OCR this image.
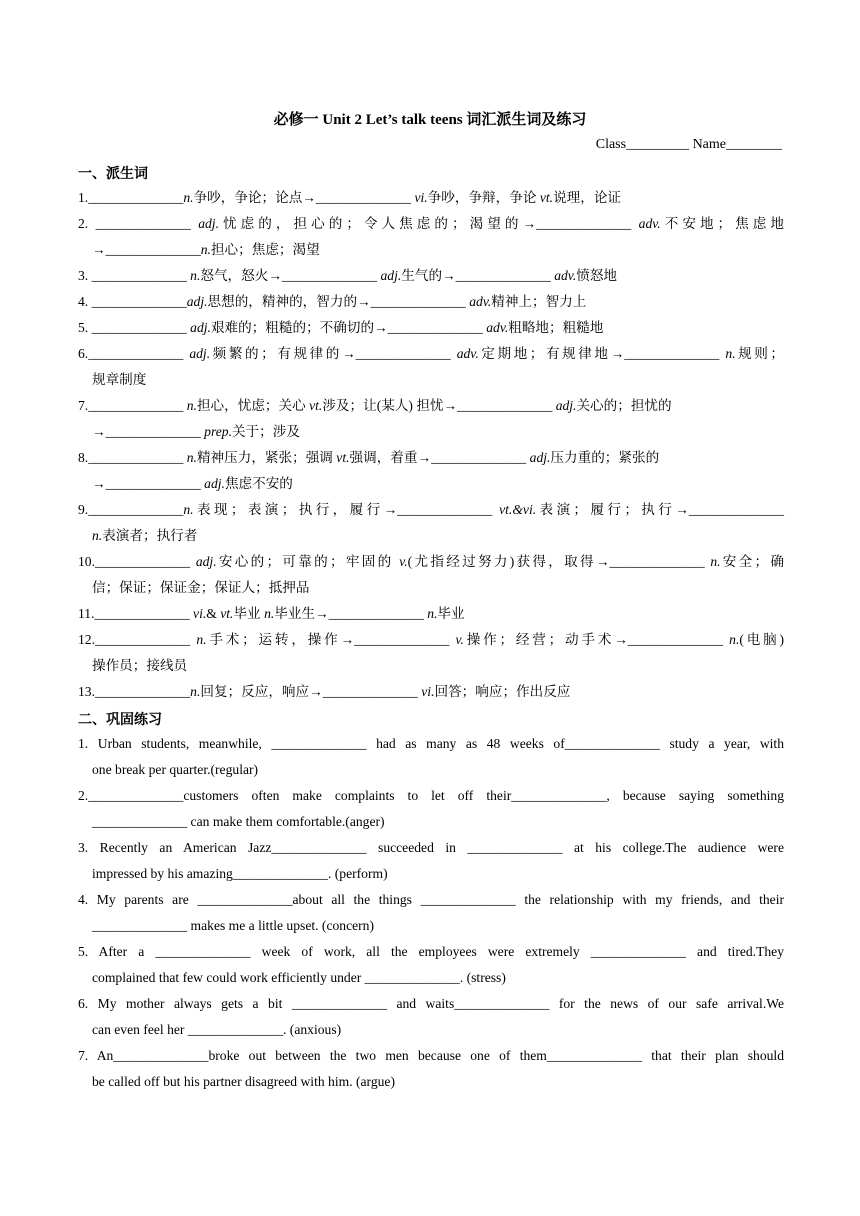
必修一 Unit 2 Let’s talk teens 词汇派生词及练习
Class_________ Name________
一、派生词
1.______________n.争吵，争论；论点→______________ vi.争吵，争辩，争论 vt.说理，论证
2. ______________ adj.忧虑的，担心的；令人焦虑的；渴望的→______________ adv.不安地；焦虑地
→______________n.担心；焦虑；渴望
3. ______________ n.怒气，怒火→______________ adj.生气的→______________ adv.愤怒地
4. ______________adj.思想的，精神的，智力的→______________ adv.精神上；智力上
5. ______________ adj.艰难的；粗糙的；不确切的→______________ adv.粗略地；粗糙地
6.______________ adj.频繁的；有规律的→______________ adv.定期地；有规律地→______________ n.规则；
规章制度
7.______________ n.担心，忧虑；关心 vt.涉及；让(某人) 担忧→______________ adj.关心的；担忧的
→______________ prep.关于；涉及
8.______________ n.精神压力，紧张；强调 vt.强调，着重→______________ adj.压力重的；紧张的
→______________ adj.焦虑不安的
9.______________n.表现；表演；执行，履行→______________ vt.&vi.表演；履行；执行→______________
n.表演者；执行者
10.______________ adj.安心的；可靠的；牢固的 v.(尤指经过努力)获得，取得→______________ n.安全；确
信；保证；保证金；保证人；抵押品
11.______________ vi.& vt.毕业 n.毕业生→______________ n.毕业
12.______________ n.手术；运转，操作→______________ v.操作；经营；动手术→______________ n.(电脑)
操作员；接线员
13.______________n.回复；反应，响应→______________ vi.回答；响应；作出反应
二、巩固练习
1. Urban students, meanwhile, ______________ had as many as 48 weeks of______________ study a year, with
one break per quarter.(regular)
2.______________customers often make complaints to let off their______________, because saying something
______________ can make them comfortable.(anger)
3. Recently an American Jazz______________ succeeded in ______________ at his college.The audience were
impressed by his amazing______________. (perform)
4. My parents are ______________about all the things ______________ the relationship with my friends, and their
______________ makes me a little upset. (concern)
5. After a ______________ week of work, all the employees were extremely ______________ and tired.They
complained that few could work efficiently under ______________. (stress)
6. My mother always gets a bit ______________ and waits______________ for the news of our safe arrival.We
can even feel her ______________. (anxious)
7. An______________broke out between the two men because one of them______________ that their plan should
be called off but his partner disagreed with him. (argue)
